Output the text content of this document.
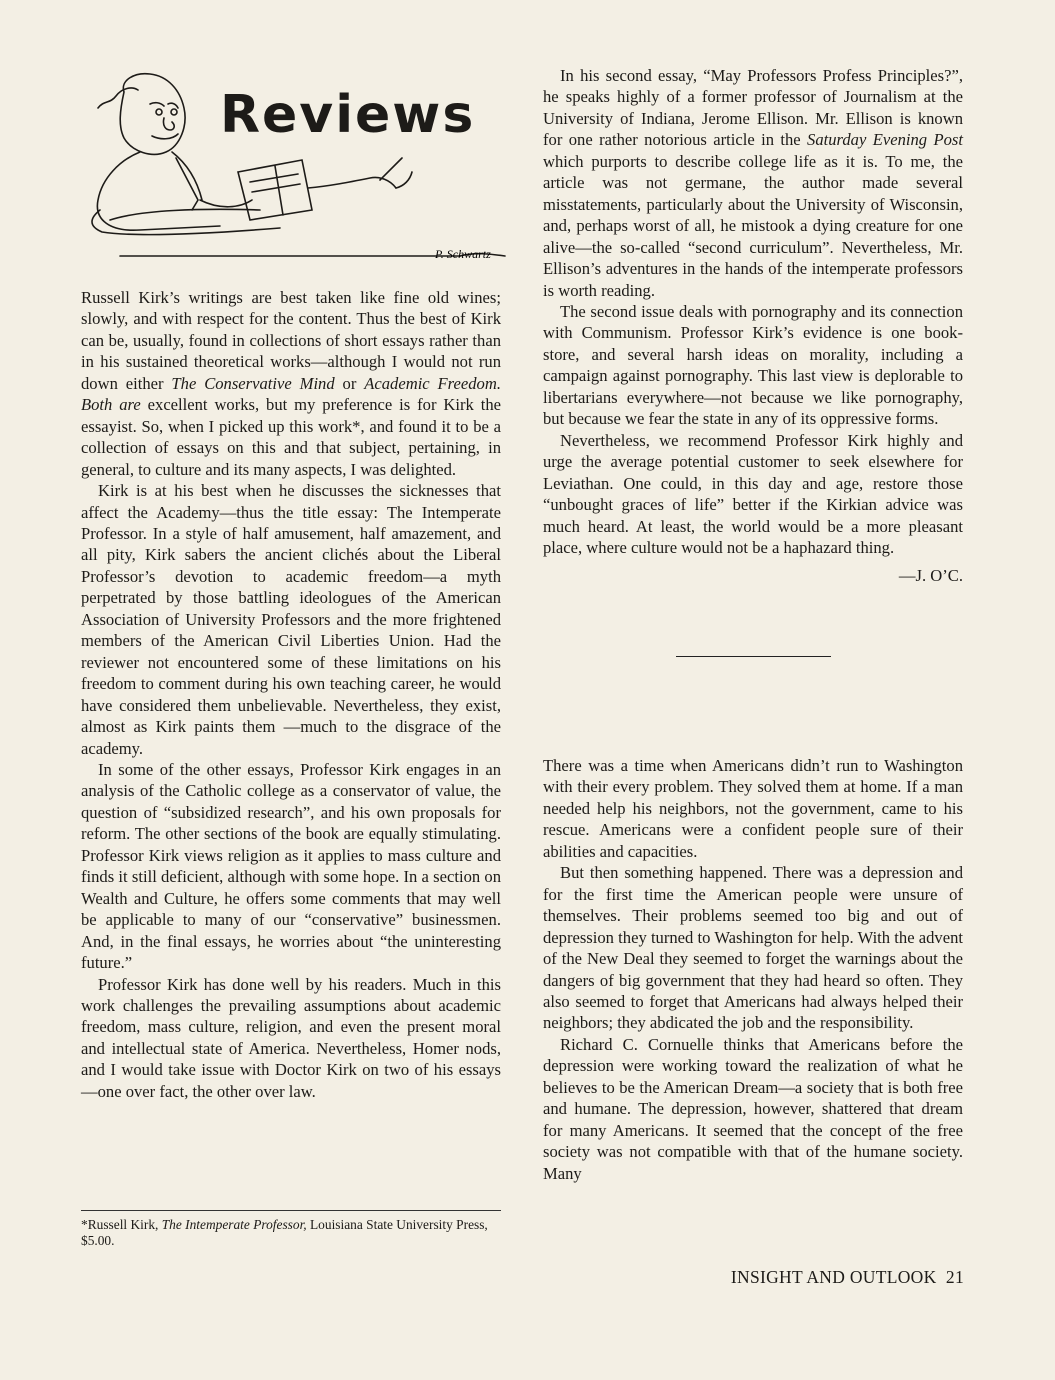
Reviews
P. Schwartz

Russell Kirk’s writings are best taken like fine old wines; slowly, and with respect for the content. Thus the best of Kirk can be, usually, found in collections of short essays rather than in his sustained theoretical works—although I would not run down either The Conservative Mind or Academic Freedom. Both are excellent works, but my preference is for Kirk the essayist. So, when I picked up this work*, and found it to be a collection of essays on this and that subject, pertaining, in general, to culture and its many aspects, I was delighted.

Kirk is at his best when he discusses the sicknesses that affect the Academy—thus the title essay: The Intemperate Professor. In a style of half amusement, half amazement, and all pity, Kirk sabers the ancient clichés about the Liberal Professor’s devotion to academic freedom—a myth perpetrated by those battling ideologues of the American Association of University Professors and the more frightened members of the American Civil Liberties Union. Had the reviewer not encountered some of these limitations on his freedom to comment during his own teaching career, he would have considered them unbelievable. Nevertheless, they exist, almost as Kirk paints them —much to the disgrace of the academy.

In some of the other essays, Professor Kirk engages in an analysis of the Catholic college as a conservator of value, the question of “subsidized research”, and his own proposals for reform. The other sections of the book are equally stimulating. Professor Kirk views religion as it applies to mass culture and finds it still deficient, although with some hope. In a section on Wealth and Culture, he offers some comments that may well be applicable to many of our “conservative” businessmen. And, in the final essays, he worries about “the uninteresting future.”

Professor Kirk has done well by his readers. Much in this work challenges the prevailing assumptions about academic freedom, mass culture, religion, and even the present moral and intellectual state of America. Nevertheless, Homer nods, and I would take issue with Doctor Kirk on two of his essays—one over fact, the other over law.

*Russell Kirk, The Intemperate Professor, Louisiana State University Press, $5.00.

In his second essay, “May Professors Profess Principles?”, he speaks highly of a former professor of Journalism at the University of Indiana, Jerome Ellison. Mr. Ellison is known for one rather notorious article in the Saturday Evening Post which purports to describe college life as it is. To me, the article was not germane, the author made several misstatements, particularly about the University of Wisconsin, and, perhaps worst of all, he mistook a dying creature for one alive—the so-called “second curriculum”. Nevertheless, Mr. Ellison’s adventures in the hands of the intemperate professors is worth reading.

The second issue deals with pornography and its connection with Communism. Professor Kirk’s evidence is one book-store, and several harsh ideas on morality, including a campaign against pornography. This last view is deplorable to libertarians everywhere—not because we like pornography, but because we fear the state in any of its oppressive forms.

Nevertheless, we recommend Professor Kirk highly and urge the average potential customer to seek elsewhere for Leviathan. One could, in this day and age, restore those “unbought graces of life” better if the Kirkian advice was much heard. At least, the world would be a more pleasant place, where culture would not be a haphazard thing.

—J. O’C.

There was a time when Americans didn’t run to Washington with their every problem. They solved them at home. If a man needed help his neighbors, not the government, came to his rescue. Americans were a confident people sure of their abilities and capacities.

But then something happened. There was a depression and for the first time the American people were unsure of themselves. Their problems seemed too big and out of depression they turned to Washington for help. With the advent of the New Deal they seemed to forget the warnings about the dangers of big government that they had heard so often. They also seemed to forget that Americans had always helped their neighbors; they abdicated the job and the responsibility.

Richard C. Cornuelle thinks that Americans before the depression were working toward the realization of what he believes to be the American Dream—a society that is both free and humane. The depression, however, shattered that dream for many Americans. It seemed that the concept of the free society was not compatible with that of the humane society. Many

INSIGHT AND OUTLOOK 21
